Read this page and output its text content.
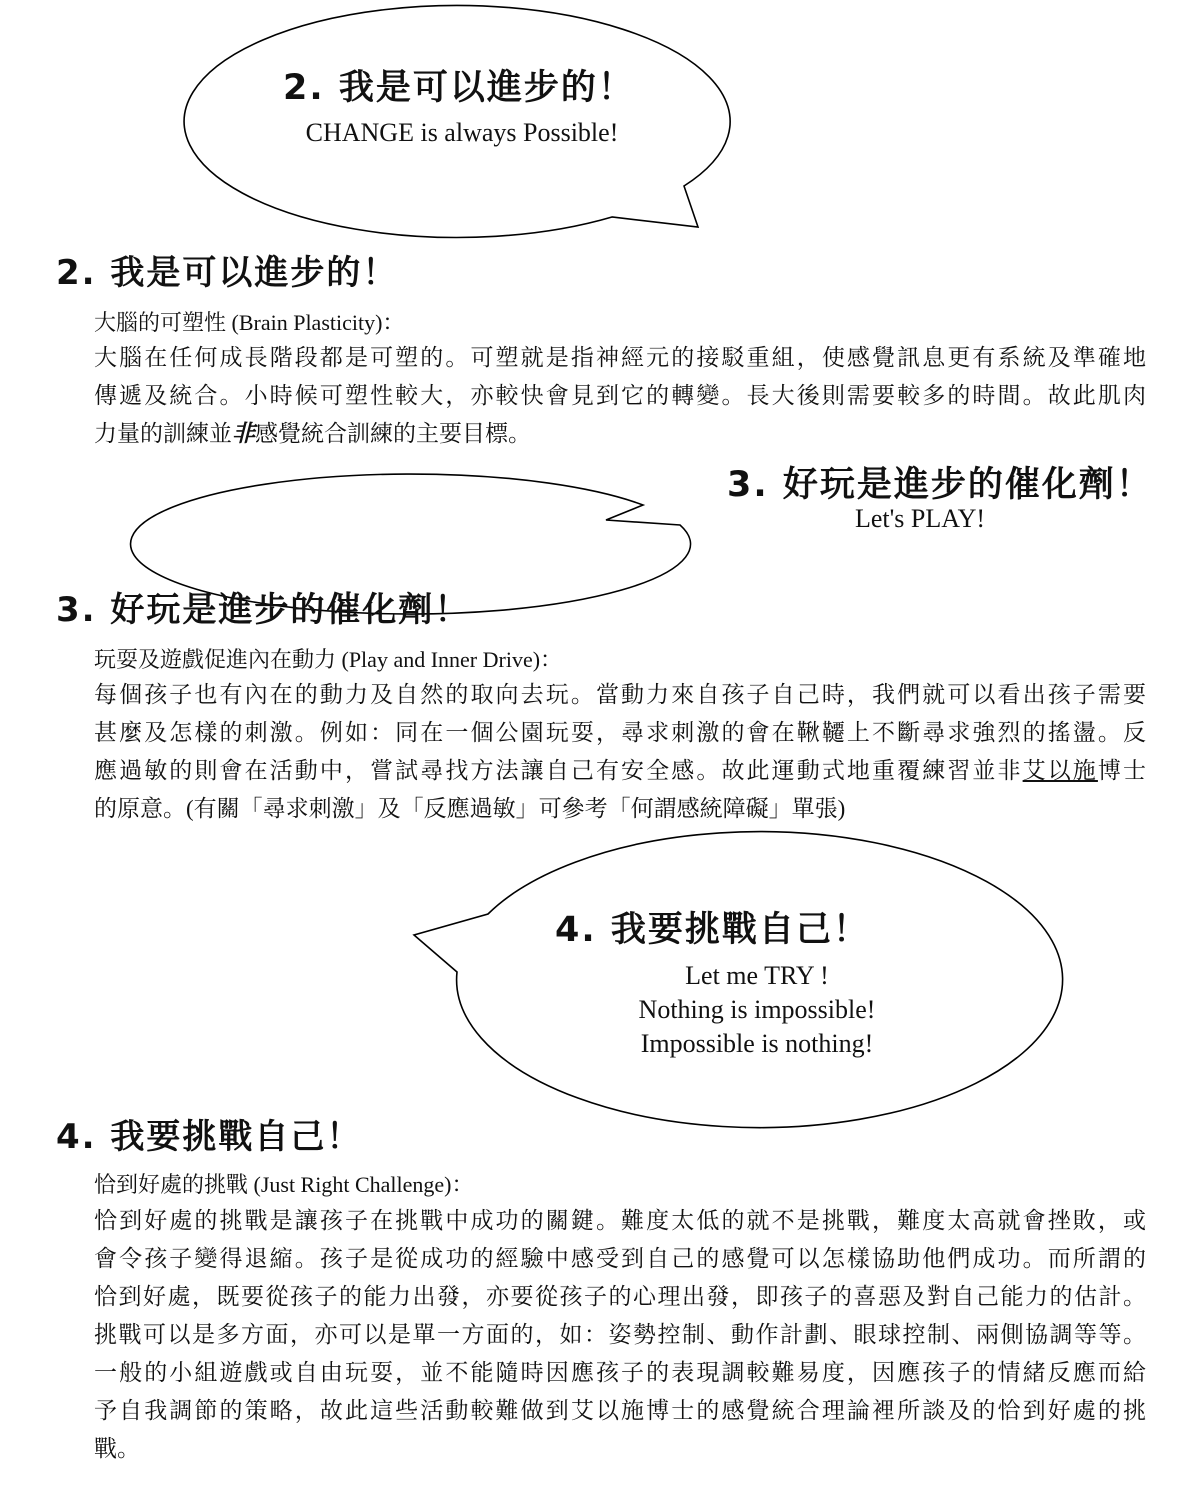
2. 我是可以進步的！
CHANGE is always Possible!
3. 好玩是進步的催化劑！
Let's PLAY!
4. 我要挑戰自己！
Let me TRY !
Nothing is impossible!
Impossible is nothing!
2. 我是可以進步的！
大腦的可塑性 (Brain Plasticity)：
大腦在任何成長階段都是可塑的。可塑就是指神經元的接駁重組，使感覺訊息更有系統及準確地
傳遞及統合。小時候可塑性較大，亦較快會見到它的轉變。長大後則需要較多的時間。故此肌肉
力量的訓練並非感覺統合訓練的主要目標。
3. 好玩是進步的催化劑！
玩耍及遊戲促進內在動力 (Play and Inner Drive)：
每個孩子也有內在的動力及自然的取向去玩。當動力來自孩子自己時，我們就可以看出孩子需要
甚麼及怎樣的刺激。例如：同在一個公園玩耍，尋求刺激的會在鞦韆上不斷尋求強烈的搖盪。反
應過敏的則會在活動中，嘗試尋找方法讓自己有安全感。故此運動式地重覆練習並非艾以施博士
的原意。(有關「尋求刺激」及「反應過敏」可參考「何謂感統障礙」單張)
4. 我要挑戰自己！
恰到好處的挑戰 (Just Right Challenge)：
恰到好處的挑戰是讓孩子在挑戰中成功的關鍵。難度太低的就不是挑戰，難度太高就會挫敗，或
會令孩子變得退縮。孩子是從成功的經驗中感受到自己的感覺可以怎樣協助他們成功。而所謂的
恰到好處，既要從孩子的能力出發，亦要從孩子的心理出發，即孩子的喜惡及對自己能力的估計。
挑戰可以是多方面，亦可以是單一方面的，如：姿勢控制、動作計劃、眼球控制、兩側協調等等。
一般的小組遊戲或自由玩耍，並不能隨時因應孩子的表現調較難易度，因應孩子的情緒反應而給
予自我調節的策略，故此這些活動較難做到艾以施博士的感覺統合理論裡所談及的恰到好處的挑
戰。
